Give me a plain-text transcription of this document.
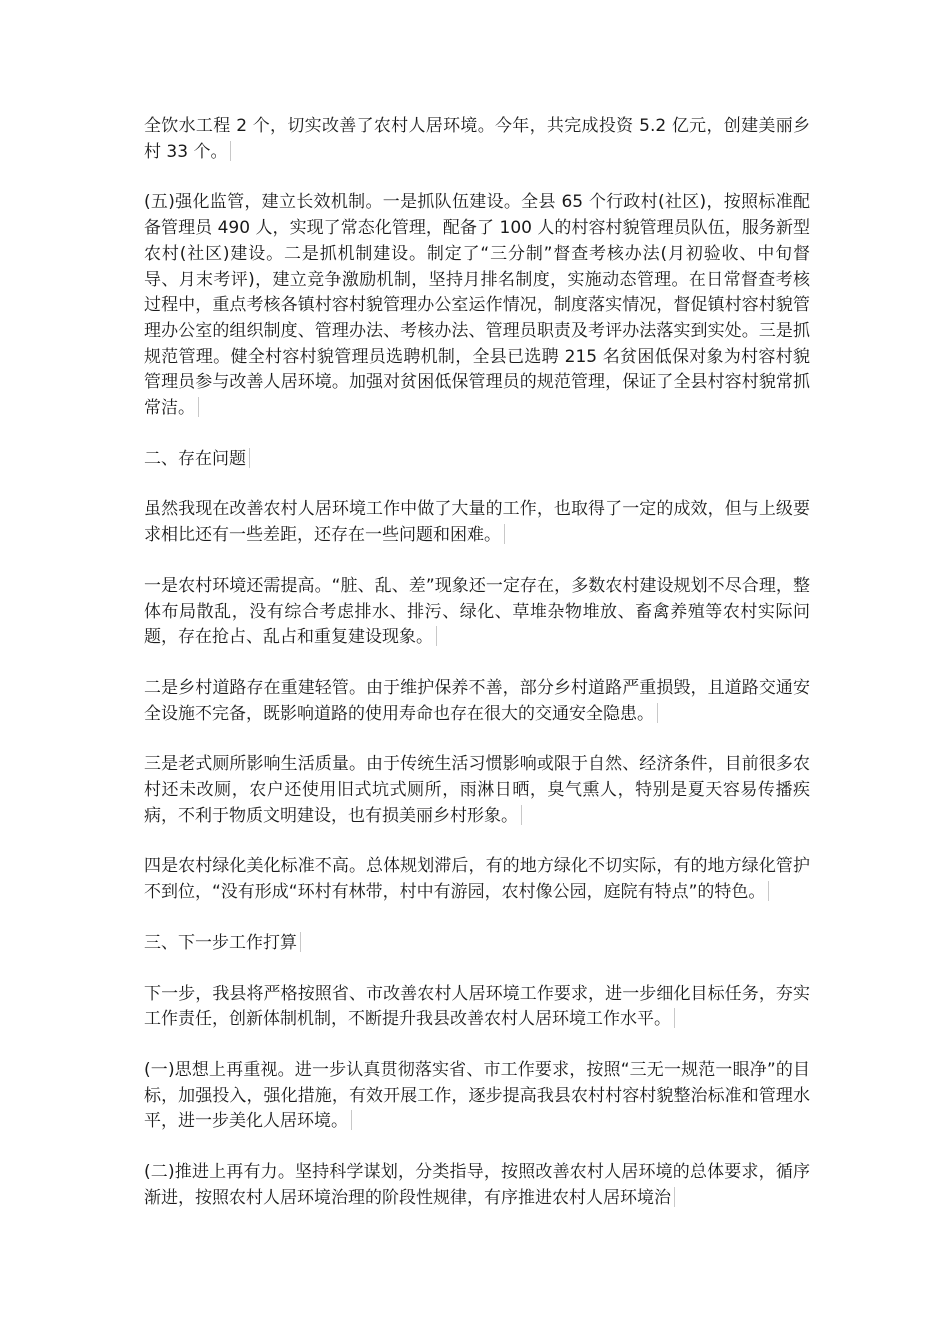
全饮水工程 2 个，切实改善了农村人居环境。今年，共完成投资 5.2 亿元，创建美丽乡村 33 个。

(五)强化监管，建立长效机制。一是抓队伍建设。全县 65 个行政村(社区)，按照标准配备管理员 490 人，实现了常态化管理，配备了 100 人的村容村貌管理员队伍，服务新型农村(社区)建设。二是抓机制建设。制定了“三分制”督查考核办法(月初验收、中旬督导、月末考评)，建立竞争激励机制，坚持月排名制度，实施动态管理。在日常督查考核过程中，重点考核各镇村容村貌管理办公室运作情况，制度落实情况，督促镇村容村貌管理办公室的组织制度、管理办法、考核办法、管理员职责及考评办法落实到实处。三是抓规范管理。健全村容村貌管理员选聘机制，全县已选聘 215 名贫困低保对象为村容村貌管理员参与改善人居环境。加强对贫困低保管理员的规范管理，保证了全县村容村貌常抓常洁。

二、存在问题

虽然我现在改善农村人居环境工作中做了大量的工作，也取得了一定的成效，但与上级要求相比还有一些差距，还存在一些问题和困难。

一是农村环境还需提高。“脏、乱、差”现象还一定存在，多数农村建设规划不尽合理，整体布局散乱，没有综合考虑排水、排污、绿化、草堆杂物堆放、畜禽养殖等农村实际问题，存在抢占、乱占和重复建设现象。

二是乡村道路存在重建轻管。由于维护保养不善，部分乡村道路严重损毁，且道路交通安全设施不完备，既影响道路的使用寿命也存在很大的交通安全隐患。

三是老式厕所影响生活质量。由于传统生活习惯影响或限于自然、经济条件，目前很多农村还未改厕，农户还使用旧式坑式厕所，雨淋日晒，臭气熏人，特别是夏天容易传播疾病，不利于物质文明建设，也有损美丽乡村形象。

四是农村绿化美化标准不高。总体规划滞后，有的地方绿化不切实际，有的地方绿化管护不到位，“没有形成“环村有林带，村中有游园，农村像公园，庭院有特点”的特色。

三、下一步工作打算

下一步，我县将严格按照省、市改善农村人居环境工作要求，进一步细化目标任务，夯实工作责任，创新体制机制，不断提升我县改善农村人居环境工作水平。

(一)思想上再重视。进一步认真贯彻落实省、市工作要求，按照“三无一规范一眼净”的目标，加强投入，强化措施，有效开展工作，逐步提高我县农村村容村貌整治标准和管理水平，进一步美化人居环境。

(二)推进上再有力。坚持科学谋划，分类指导，按照改善农村人居环境的总体要求，循序渐进，按照农村人居环境治理的阶段性规律，有序推进农村人居环境治
